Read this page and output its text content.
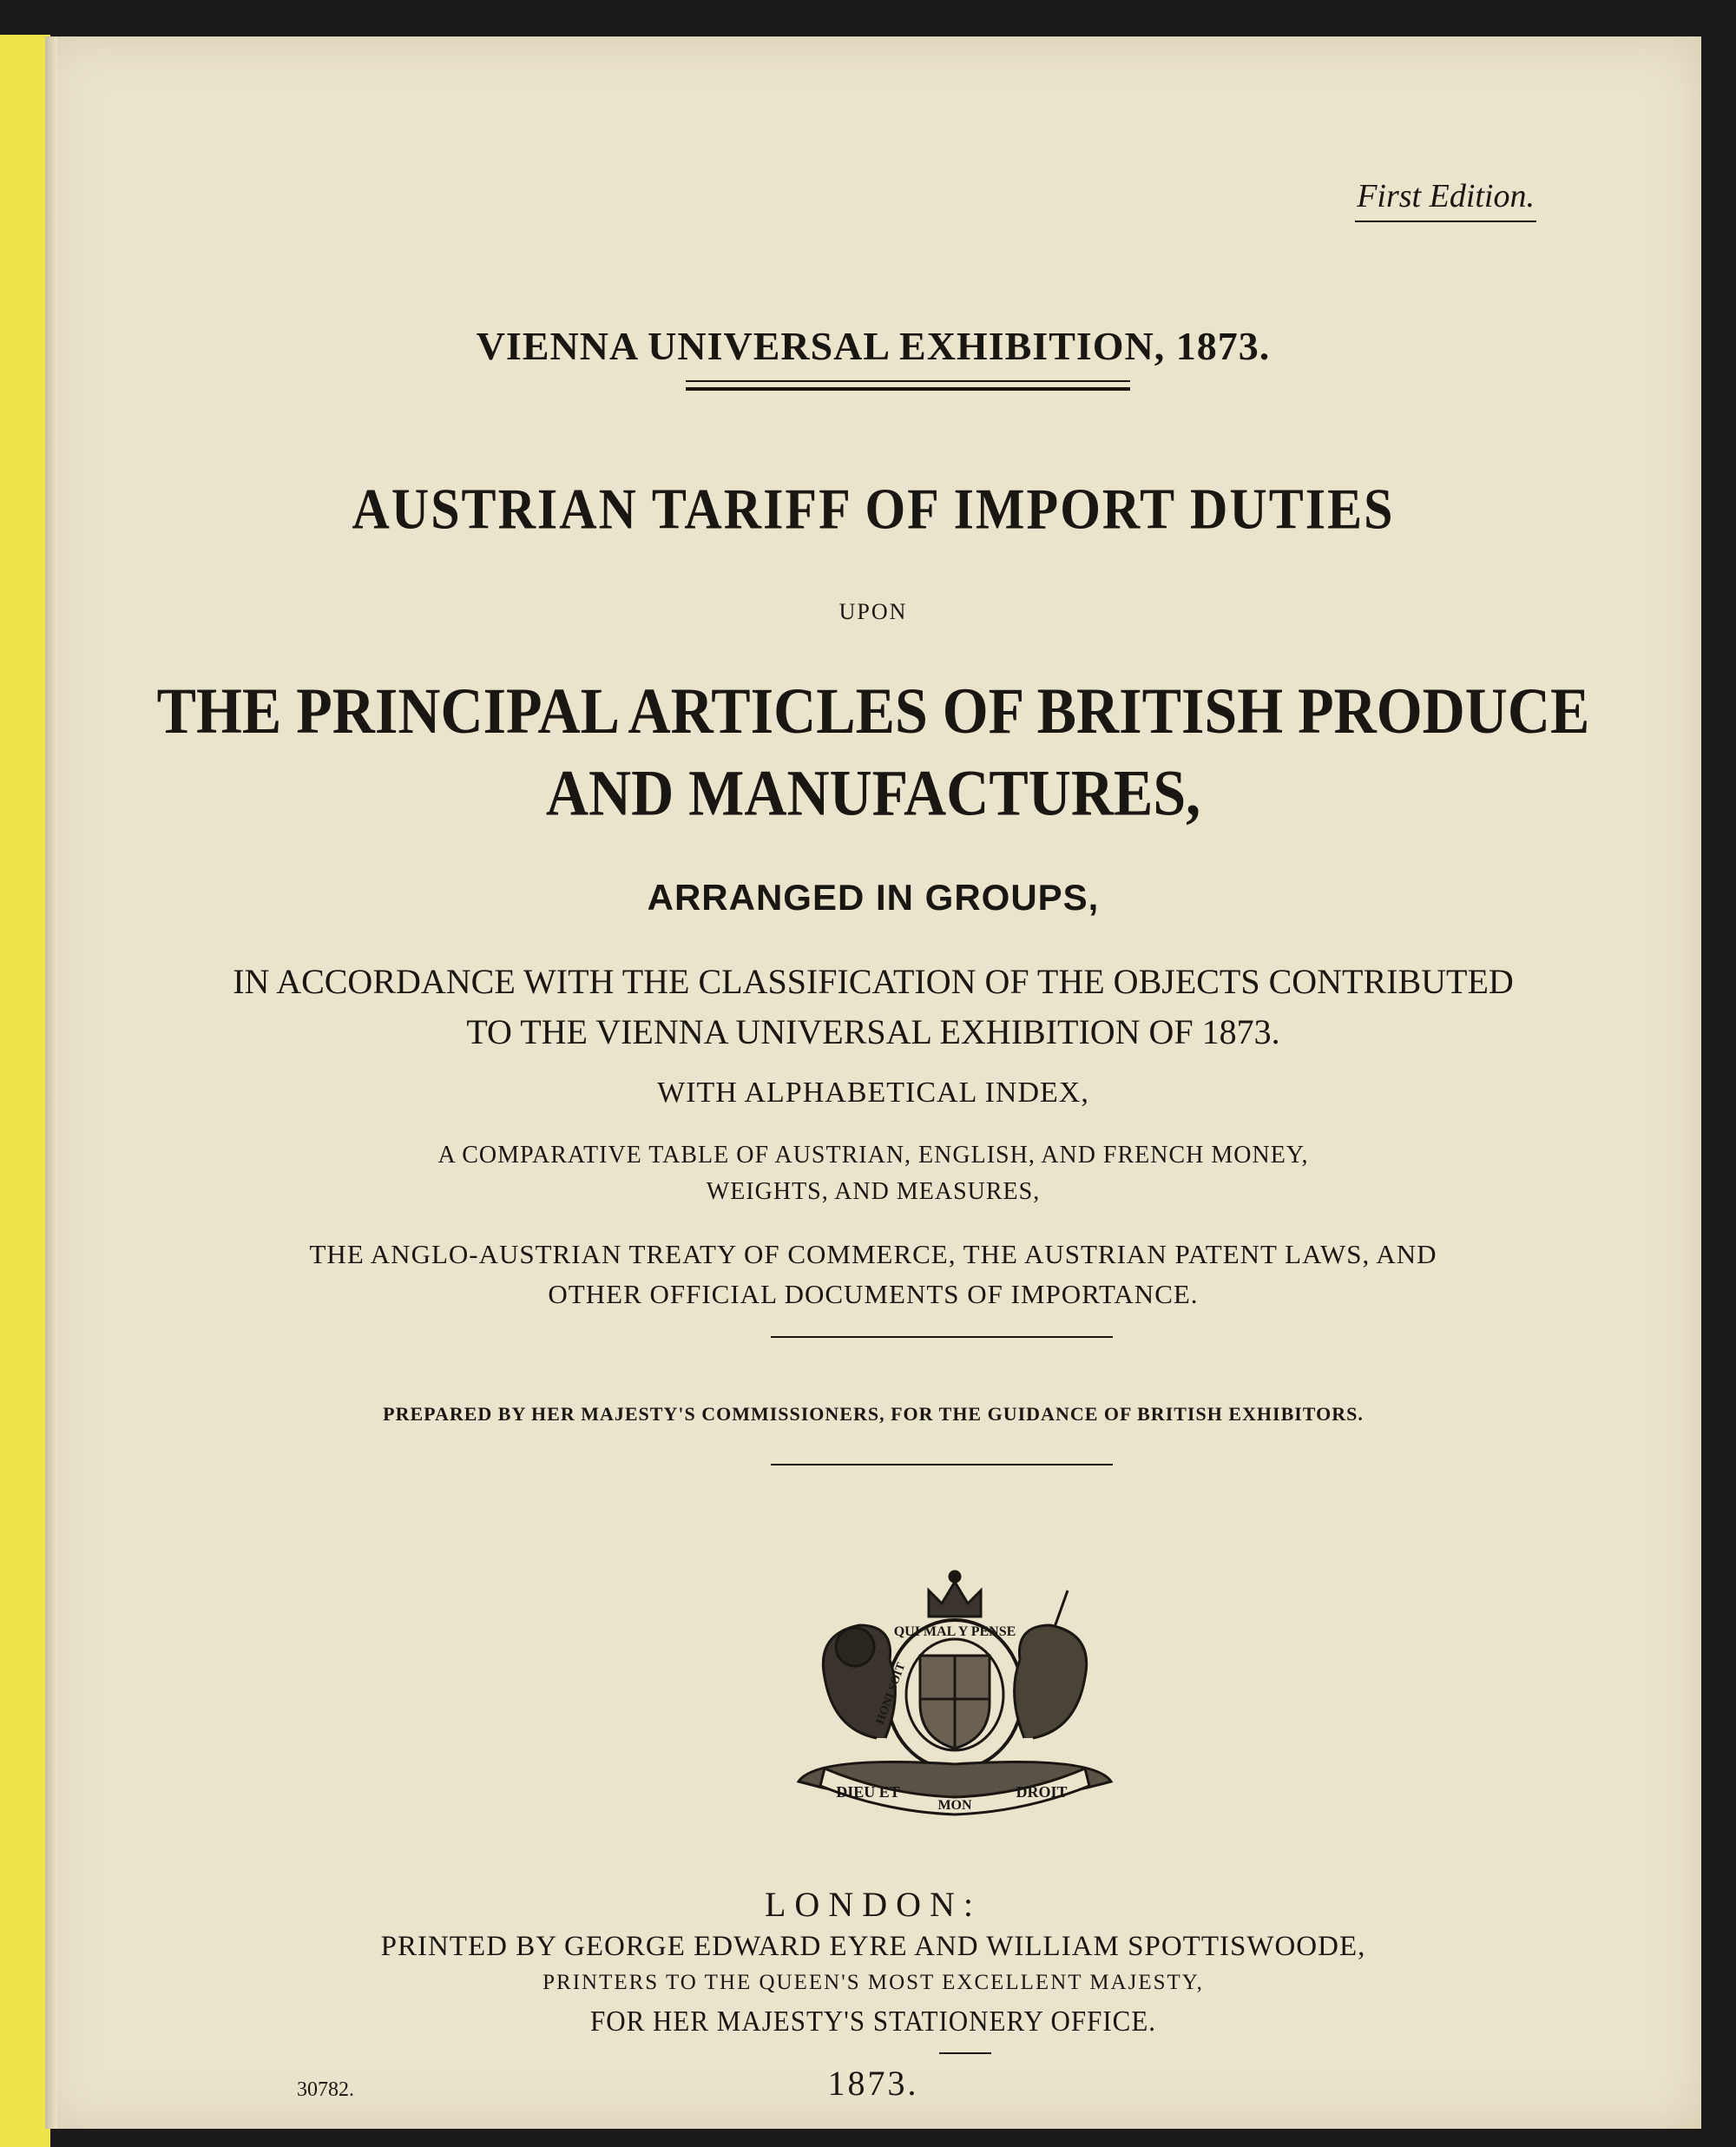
First Edition.
VIENNA UNIVERSAL EXHIBITION, 1873.
AUSTRIAN TARIFF OF IMPORT DUTIES
UPON
THE PRINCIPAL ARTICLES OF BRITISH PRODUCE
AND MANUFACTURES,
ARRANGED IN GROUPS,
IN ACCORDANCE WITH THE CLASSIFICATION OF THE OBJECTS CONTRIBUTED
TO THE VIENNA UNIVERSAL EXHIBITION OF 1873.
WITH ALPHABETICAL INDEX,
A COMPARATIVE TABLE OF AUSTRIAN, ENGLISH, AND FRENCH MONEY,
WEIGHTS, AND MEASURES,
THE ANGLO-AUSTRIAN TREATY OF COMMERCE, THE AUSTRIAN PATENT LAWS, AND
OTHER OFFICIAL DOCUMENTS OF IMPORTANCE.
PREPARED BY HER MAJESTY'S COMMISSIONERS, FOR THE GUIDANCE OF BRITISH EXHIBITORS.
QUI MAL Y PENSE
HONI SOIT
DIEU ET
MON
DROIT
LONDON:
PRINTED BY GEORGE EDWARD EYRE AND WILLIAM SPOTTISWOODE,
PRINTERS TO THE QUEEN'S MOST EXCELLENT MAJESTY,
FOR HER MAJESTY'S STATIONERY OFFICE.
1873.
30782.
